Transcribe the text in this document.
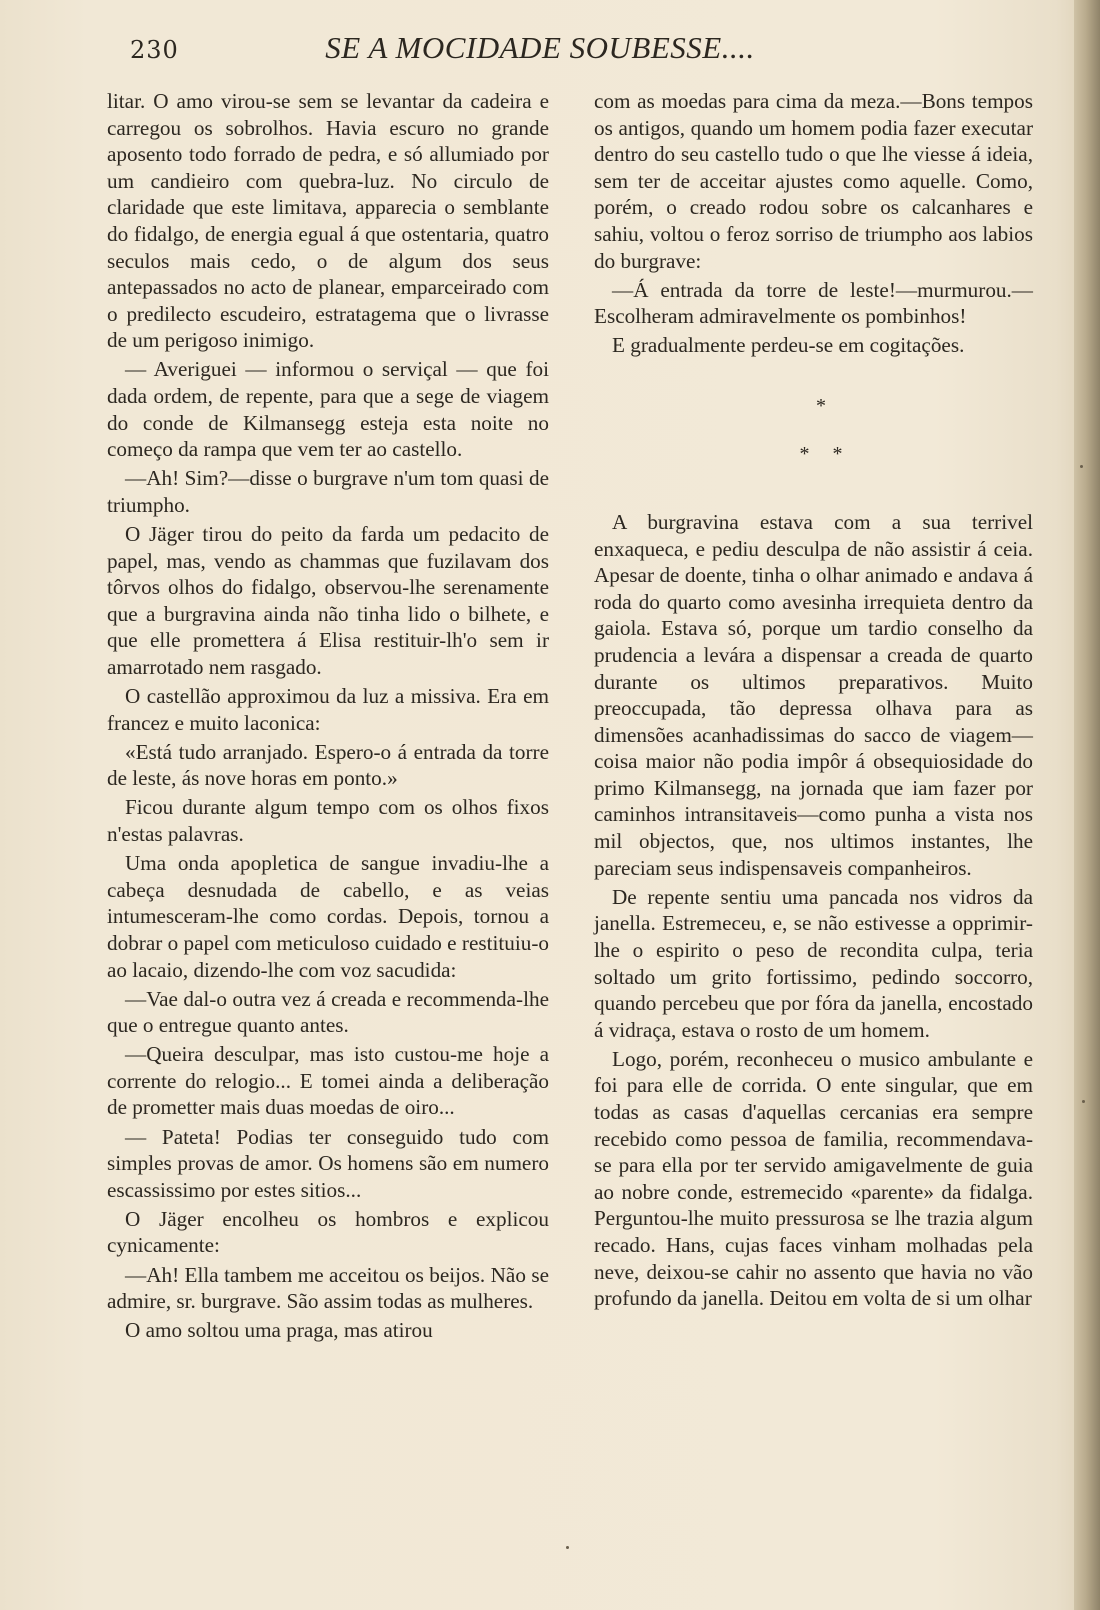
230	SE A MOCIDADE SOUBESSE....

litar. O amo virou-se sem se levantar da cadeira e carregou os sobrolhos. Havia escuro no grande aposento todo forrado de pedra, e só allumiado por um candieiro com quebra-luz. No circulo de claridade que este limitava, apparecia o semblante do fidalgo, de energia egual á que ostentaria, quatro seculos mais cedo, o de algum dos seus antepassados no acto de planear, emparceirado com o predilecto escudeiro, estratagema que o livrasse de um perigoso inimigo.

— Averiguei — informou o serviçal — que foi dada ordem, de repente, para que a sege de viagem do conde de Kilmansegg esteja esta noite no começo da rampa que vem ter ao castello.

—Ah! Sim?—disse o burgrave n'um tom quasi de triumpho.

O Jäger tirou do peito da farda um pedacito de papel, mas, vendo as chammas que fuzilavam dos tôrvos olhos do fidalgo, observou-lhe serenamente que a burgravina ainda não tinha lido o bilhete, e que elle promettera á Elisa restituir-lh'o sem ir amarrotado nem rasgado.

O castellão approximou da luz a missiva. Era em francez e muito laconica:

«Está tudo arranjado. Espero-o á entrada da torre de leste, ás nove horas em ponto.»

Ficou durante algum tempo com os olhos fixos n'estas palavras.

Uma onda apopletica de sangue invadiu-lhe a cabeça desnudada de cabello, e as veias intumesceram-lhe como cordas. Depois, tornou a dobrar o papel com meticuloso cuidado e restituiu-o ao lacaio, dizendo-lhe com voz sacudida:

—Vae dal-o outra vez á creada e recommenda-lhe que o entregue quanto antes.

—Queira desculpar, mas isto custou-me hoje a corrente do relogio... E tomei ainda a deliberação de prometter mais duas moedas de oiro...

— Pateta! Podias ter conseguido tudo com simples provas de amor. Os homens são em numero escassissimo por estes sitios...

O Jäger encolheu os hombros e explicou cynicamente:

—Ah! Ella tambem me acceitou os beijos. Não se admire, sr. burgrave. São assim todas as mulheres.

O amo soltou uma praga, mas atirou

com as moedas para cima da meza.—Bons tempos os antigos, quando um homem podia fazer executar dentro do seu castello tudo o que lhe viesse á ideia, sem ter de acceitar ajustes como aquelle. Como, porém, o creado rodou sobre os calcanhares e sahiu, voltou o feroz sorriso de triumpho aos labios do burgrave:

—Á entrada da torre de leste!—murmurou.—Escolheram admiravelmente os pombinhos!

E gradualmente perdeu-se em cogitações.

*
* *

A burgravina estava com a sua terrivel enxaqueca, e pediu desculpa de não assistir á ceia. Apesar de doente, tinha o olhar animado e andava á roda do quarto como avesinha irrequieta dentro da gaiola. Estava só, porque um tardio conselho da prudencia a levára a dispensar a creada de quarto durante os ultimos preparativos. Muito preoccupada, tão depressa olhava para as dimensões acanhadissimas do sacco de viagem—coisa maior não podia impôr á obsequiosidade do primo Kilmansegg, na jornada que iam fazer por caminhos intransitaveis—como punha a vista nos mil objectos, que, nos ultimos instantes, lhe pareciam seus indispensaveis companheiros.

De repente sentiu uma pancada nos vidros da janella. Estremeceu, e, se não estivesse a opprimir-lhe o espirito o peso de recondita culpa, teria soltado um grito fortissimo, pedindo soccorro, quando percebeu que por fóra da janella, encostado á vidraça, estava o rosto de um homem.

Logo, porém, reconheceu o musico ambulante e foi para elle de corrida. O ente singular, que em todas as casas d'aquellas cercanias era sempre recebido como pessoa de familia, recommendava-se para ella por ter servido amigavelmente de guia ao nobre conde, estremecido «parente» da fidalga. Perguntou-lhe muito pressurosa se lhe trazia algum recado. Hans, cujas faces vinham molhadas pela neve, deixou-se cahir no assento que havia no vão profundo da janella. Deitou em volta de si um olhar
